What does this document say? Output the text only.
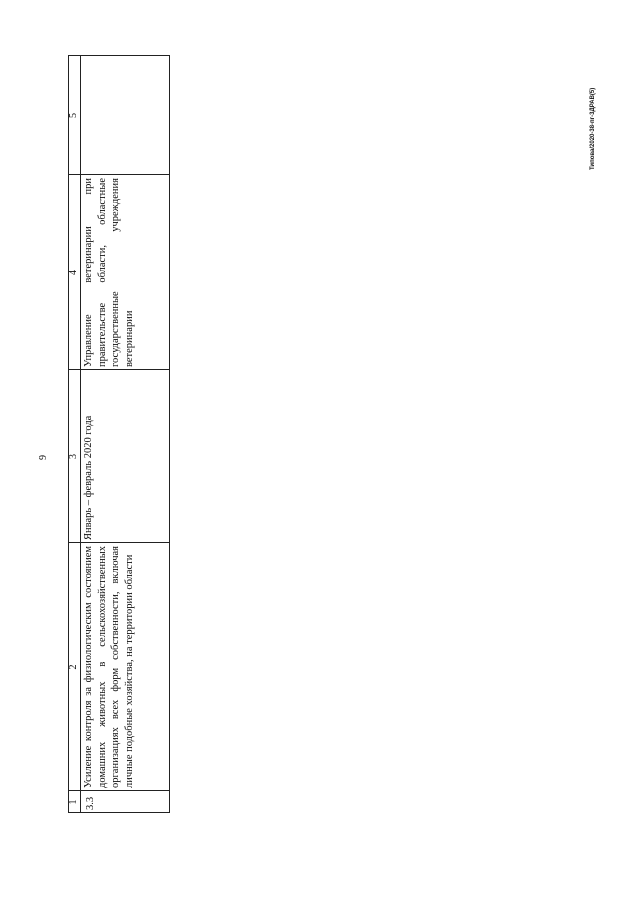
9
1
2
3
4
5
3.3
Усиление контроля за физиологическим состоянием домашних животных в сельскохозяйственных организациях всех форм собственности, включая личные подобные хозяйства, на территории области
Январь – февраль 2020 года
Управление ветеринарии при правительстве области, областные государственные учреждения ветеринарии
Типова/2020-38-пг-3ДРАВ(5)
